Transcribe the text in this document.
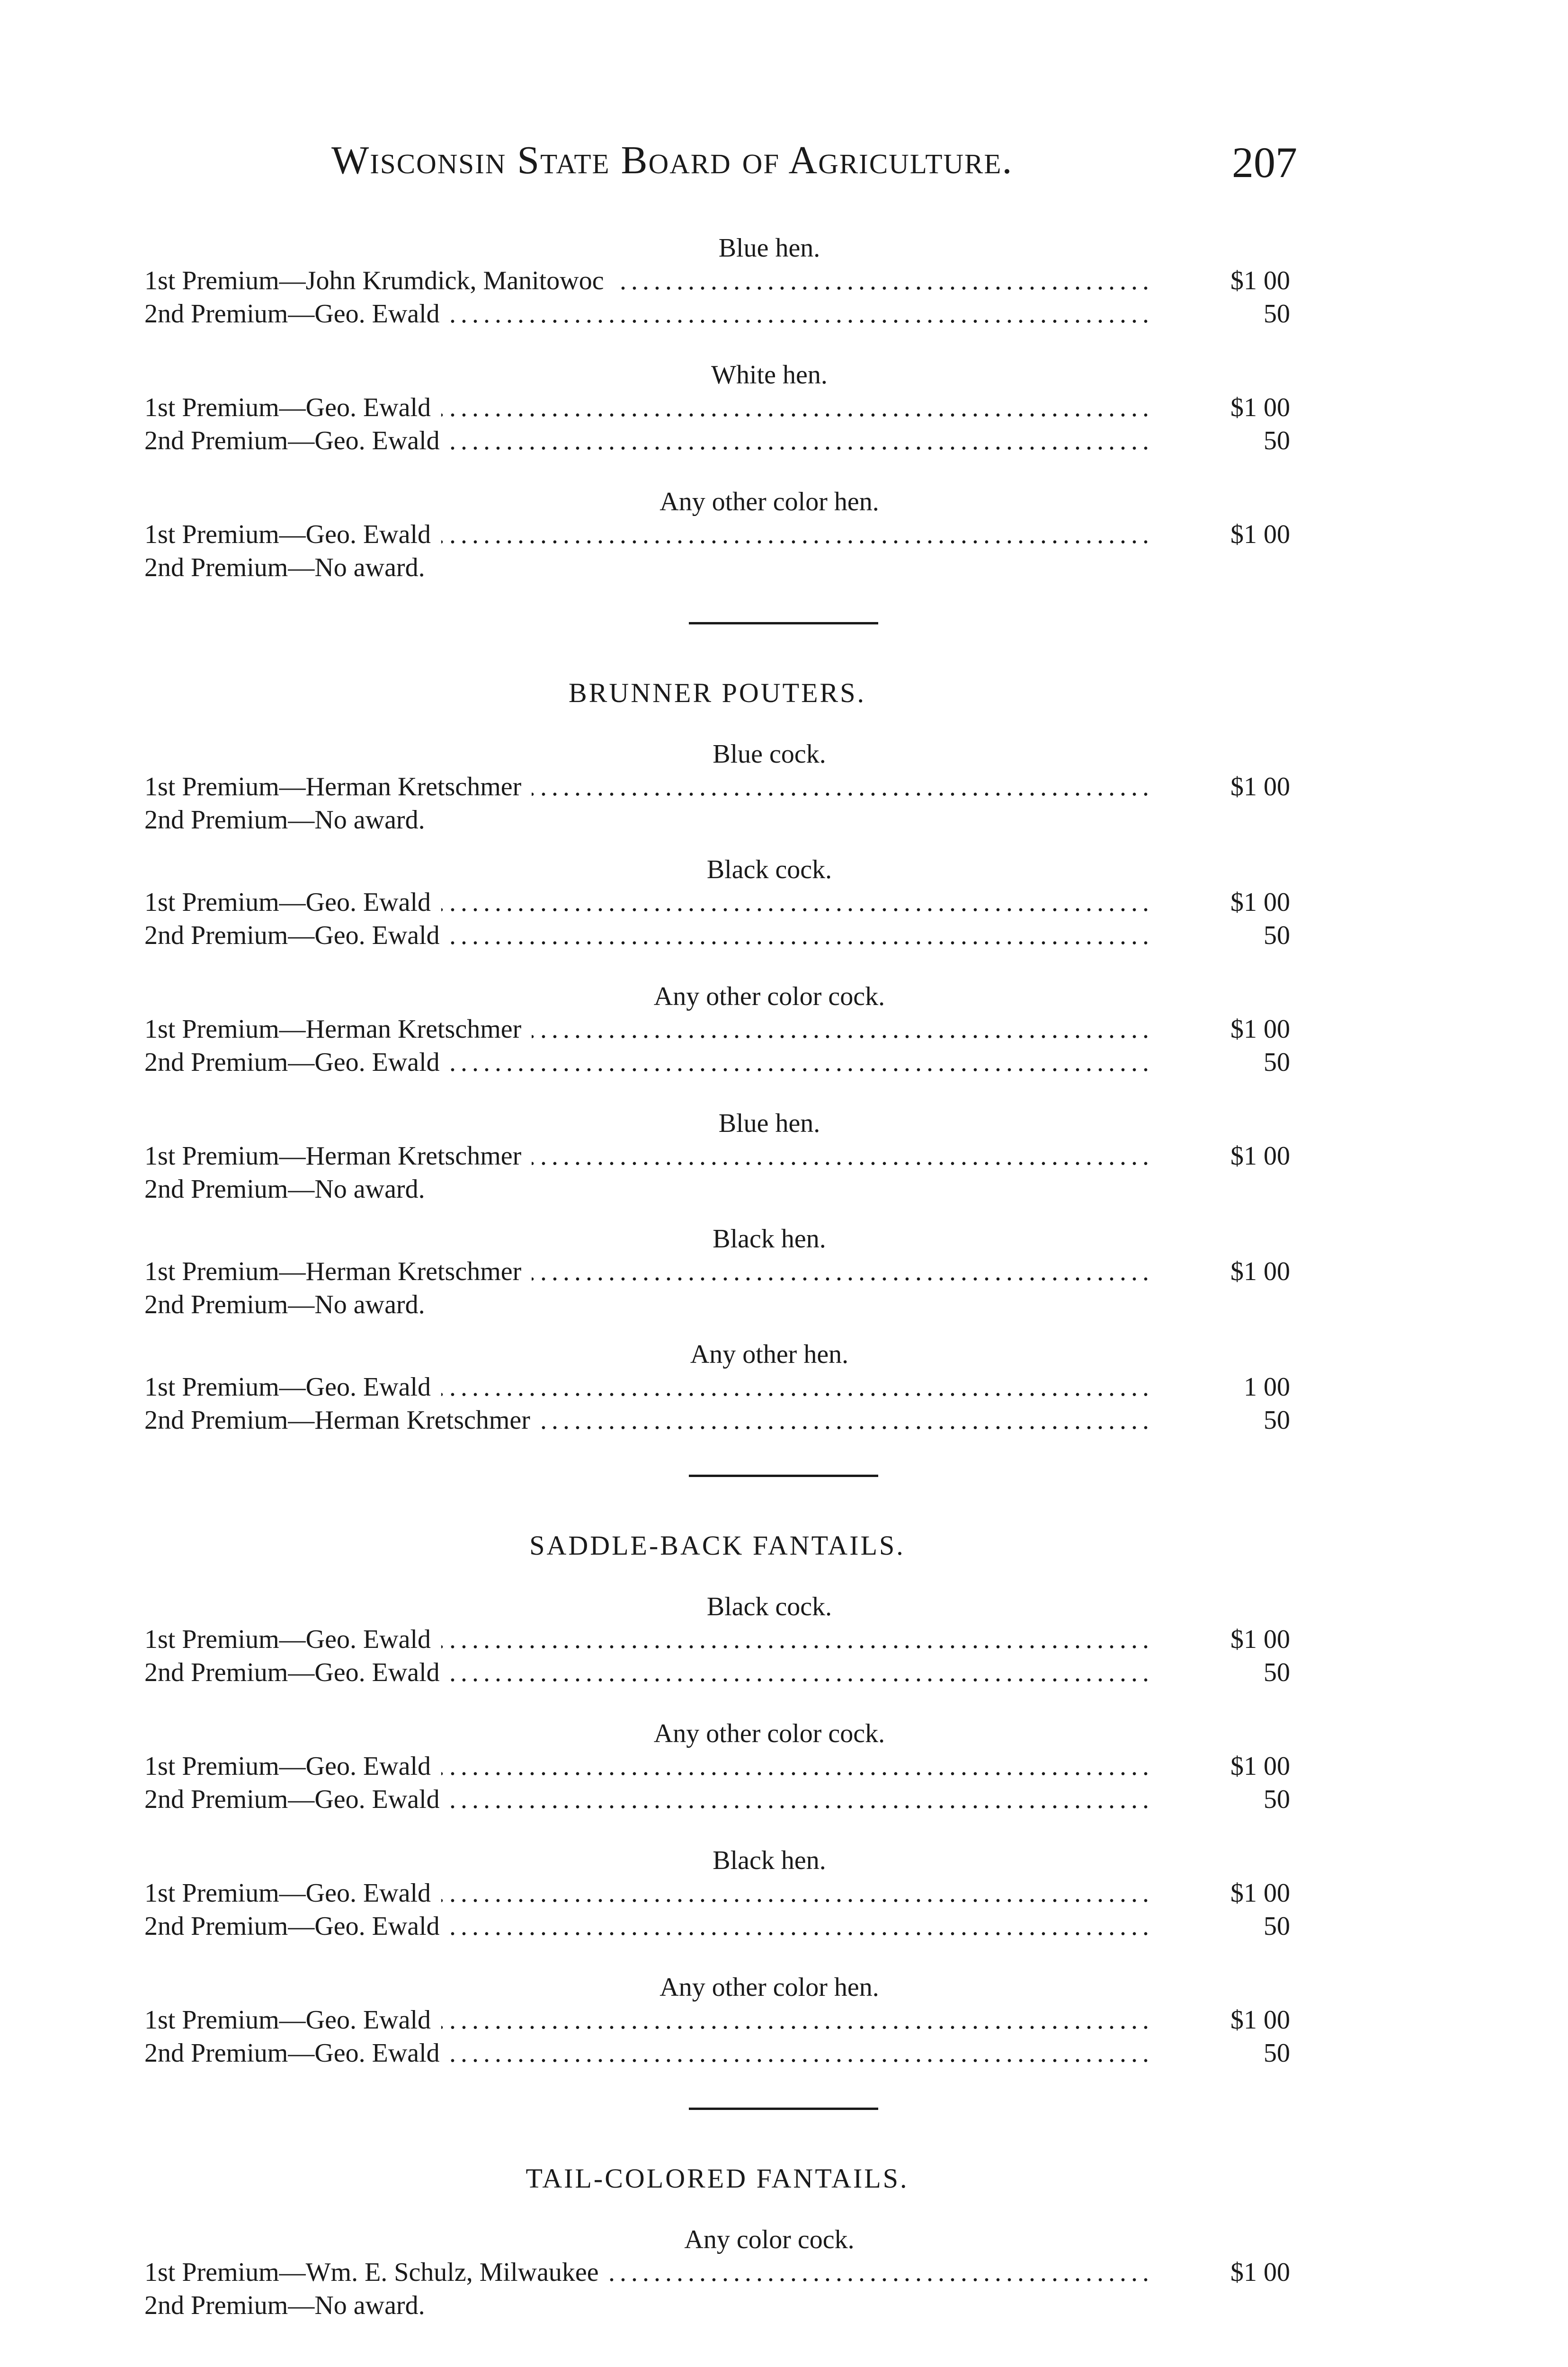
Wisconsin State Board of Agriculture.	207
Blue hen.
1st Premium—John Krumdick, Manitowoc . . .	$1 00
2nd Premium—Geo. Ewald . . .	50
White hen.
1st Premium—Geo. Ewald . . .	$1 00
2nd Premium—Geo. Ewald . . .	50
Any other color hen.
1st Premium—Geo. Ewald . . .	$1 00
2nd Premium—No award.
BRUNNER POUTERS.
Blue cock.
1st Premium—Herman Kretschmer . . .	$1 00
2nd Premium—No award.
Black cock.
1st Premium—Geo. Ewald . . .	$1 00
2nd Premium—Geo. Ewald . . .	50
Any other color cock.
1st Premium—Herman Kretschmer . . .	$1 00
2nd Premium—Geo. Ewald . . .	50
Blue hen.
1st Premium—Herman Kretschmer . . .	$1 00
2nd Premium—No award.
Black hen.
1st Premium—Herman Kretschmer . . .	$1 00
2nd Premium—No award.
Any other hen.
1st Premium—Geo. Ewald . . .	1 00
2nd Premium—Herman Kretschmer . . .	50
SADDLE-BACK FANTAILS.
Black cock.
1st Premium—Geo. Ewald . . .	$1 00
2nd Premium—Geo. Ewald . . .	50
Any other color cock.
1st Premium—Geo. Ewald . . .	$1 00
2nd Premium—Geo. Ewald . . .	50
Black hen.
1st Premium—Geo. Ewald . . .	$1 00
2nd Premium—Geo. Ewald . . .	50
Any other color hen.
1st Premium—Geo. Ewald . . .	$1 00
2nd Premium—Geo. Ewald . . .	50
TAIL-COLORED FANTAILS.
Any color cock.
1st Premium—Wm. E. Schulz, Milwaukee . . .	$1 00
2nd Premium—No award.
